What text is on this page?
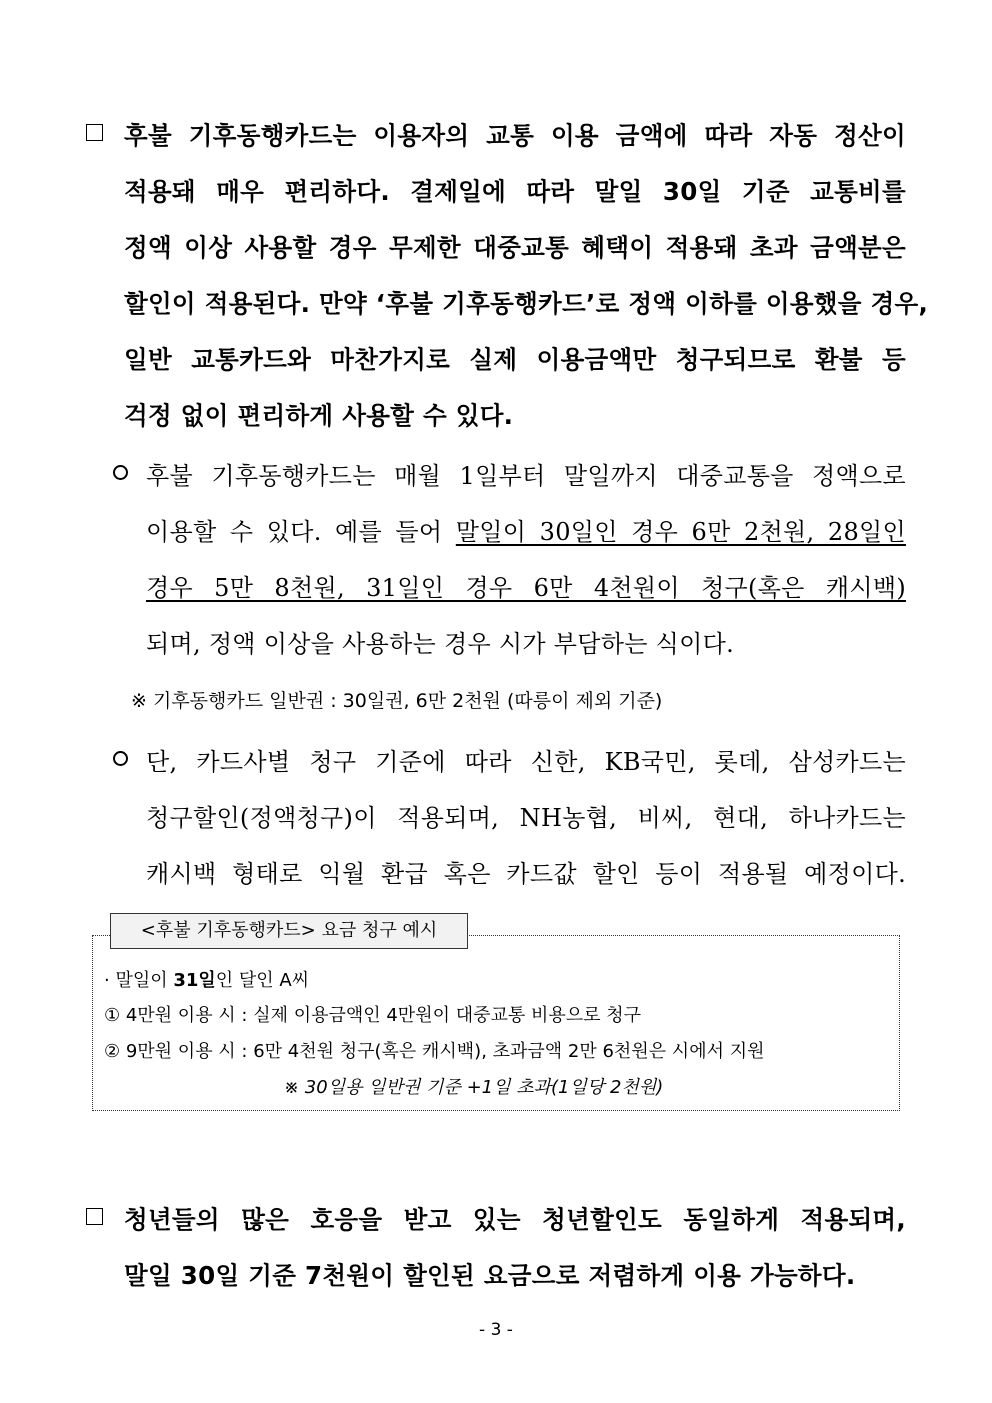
후불 기후동행카드는 이용자의 교통 이용 금액에 따라 자동 정산이
적용돼 매우 편리하다. 결제일에 따라 말일 30일 기준 교통비를
정액 이상 사용할 경우 무제한 대중교통 혜택이 적용돼 초과 금액분은
할인이 적용된다. 만약 ‘후불 기후동행카드’로 정액 이하를 이용했을 경우,
일반 교통카드와 마찬가지로 실제 이용금액만 청구되므로 환불 등
걱정 없이 편리하게 사용할 수 있다.
후불 기후동행카드는 매월 1일부터 말일까지 대중교통을 정액으로
이용할 수 있다. 예를 들어 말일이 30일인 경우 6만 2천원, 28일인
경우 5만 8천원, 31일인 경우 6만 4천원이 청구(혹은 캐시백)
되며, 정액 이상을 사용하는 경우 시가 부담하는 식이다.
※ 기후동행카드 일반권 : 30일권, 6만 2천원 (따릉이 제외 기준)
단, 카드사별 청구 기준에 따라 신한, KB국민, 롯데, 삼성카드는
청구할인(정액청구)이 적용되며, NH농협, 비씨, 현대, 하나카드는
캐시백 형태로 익월 환급 혹은 카드값 할인 등이 적용될 예정이다.
<후불 기후동행카드> 요금 청구 예시
· 말일이 31일인 달인 A씨
① 4만원 이용 시 : 실제 이용금액인 4만원이 대중교통 비용으로 청구
② 9만원 이용 시 : 6만 4천원 청구(혹은 캐시백), 초과금액 2만 6천원은 시에서 지원
※ 30일용 일반권 기준 +1일 초과(1일당 2천원)
청년들의 많은 호응을 받고 있는 청년할인도 동일하게 적용되며,
말일 30일 기준 7천원이 할인된 요금으로 저렴하게 이용 가능하다.
- 3 -
